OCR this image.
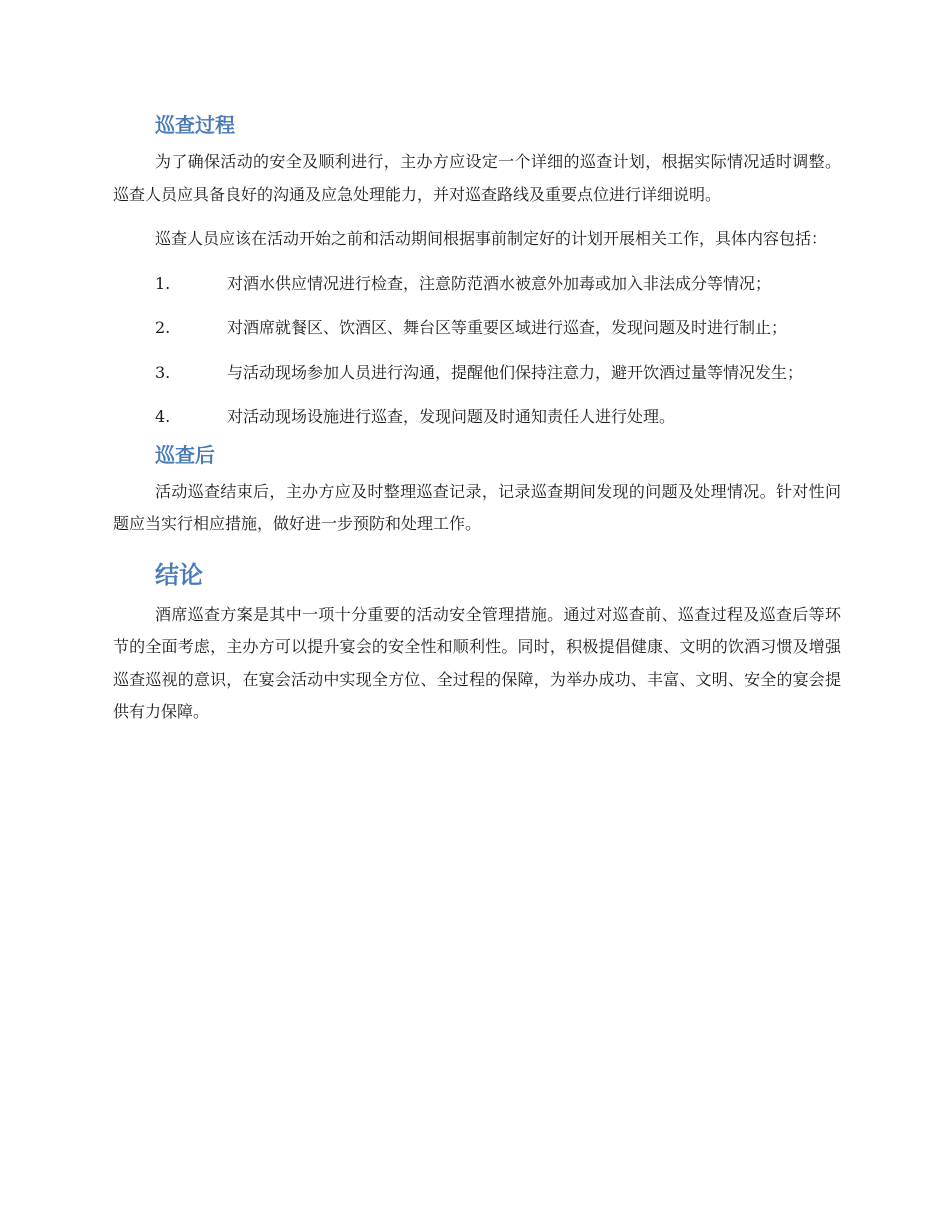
巡查过程

为了确保活动的安全及顺利进行，主办方应设定一个详细的巡查计划，根据实际情况适时调整。巡查人员应具备良好的沟通及应急处理能力，并对巡查路线及重要点位进行详细说明。

巡查人员应该在活动开始之前和活动期间根据事前制定好的计划开展相关工作，具体内容包括：

1.	对酒水供应情况进行检查，注意防范酒水被意外加毒或加入非法成分等情况；
2.	对酒席就餐区、饮酒区、舞台区等重要区域进行巡查，发现问题及时进行制止；
3.	与活动现场参加人员进行沟通，提醒他们保持注意力，避开饮酒过量等情况发生；
4.	对活动现场设施进行巡查，发现问题及时通知责任人进行处理。
巡查后

活动巡查结束后，主办方应及时整理巡查记录，记录巡查期间发现的问题及处理情况。针对性问题应当实行相应措施，做好进一步预防和处理工作。

结论

酒席巡查方案是其中一项十分重要的活动安全管理措施。通过对巡查前、巡查过程及巡查后等环节的全面考虑，主办方可以提升宴会的安全性和顺利性。同时，积极提倡健康、文明的饮酒习惯及增强巡查巡视的意识，在宴会活动中实现全方位、全过程的保障，为举办成功、丰富、文明、安全的宴会提供有力保障。
